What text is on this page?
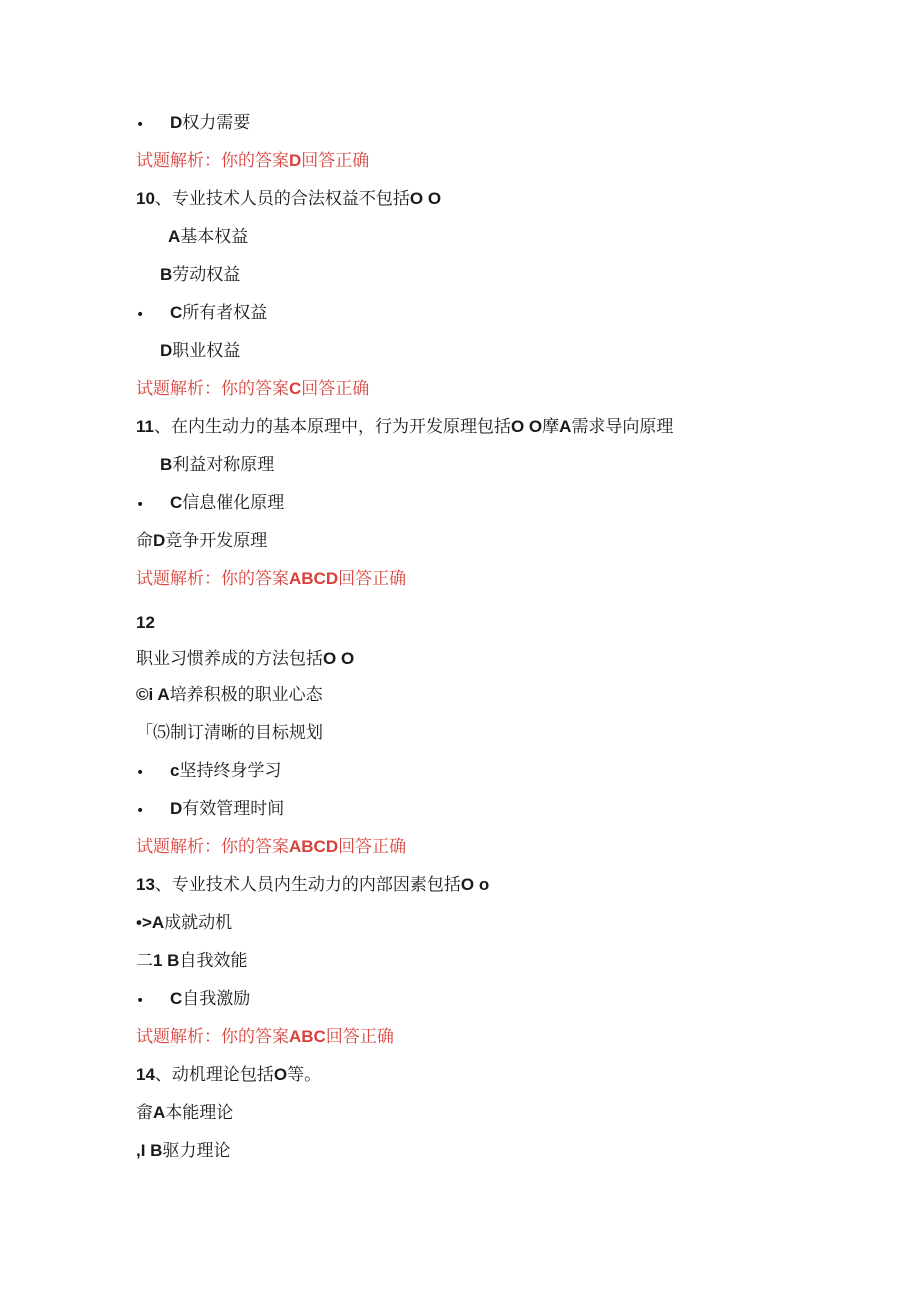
• D权力需要
试题解析：你的答案D回答正确
10、专业技术人员的合法权益不包括O O
A基本权益
B劳动权益
• C所有者权益
D职业权益
试题解析：你的答案C回答正确
11、在内生动力的基本原理中，行为开发原理包括O O摩A需求导向原理
B利益对称原理
• C信息催化原理
命D竞争开发原理
试题解析：你的答案ABCD回答正确
12
职业习惯养成的方法包括O O
©i A培养积极的职业心态
「⑸制订清晰的目标规划
• c坚持终身学习
• D有效管理时间
试题解析：你的答案ABCD回答正确
13、专业技术人员内生动力的内部因素包括O o
•>A成就动机
二1 B自我效能
• C自我激励
试题解析：你的答案ABC回答正确
14、动机理论包括O等。
畲A本能理论
,I B驱力理论
